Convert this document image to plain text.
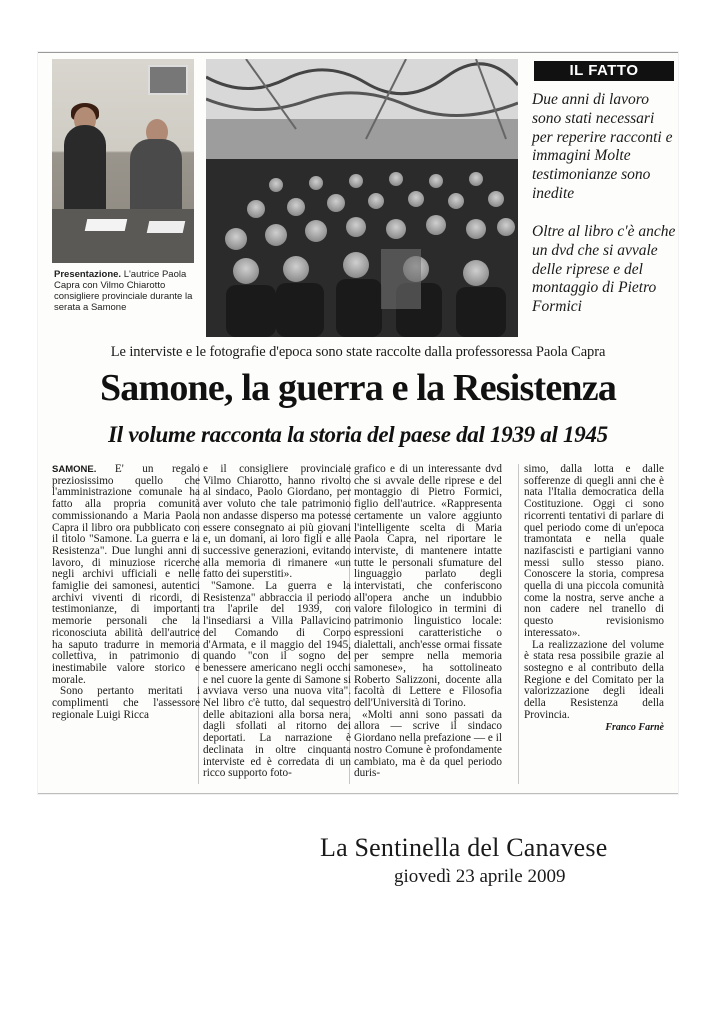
Presentazione. L'autrice Paola Capra con Vilmo Chiarotto consigliere provinciale durante la serata a Samone
IL FATTO
Due anni di lavoro sono stati necessari per reperire racconti e immagini Molte testimonianze sono inedite
Oltre al libro c'è anche un dvd che si avvale delle riprese e del montaggio di Pietro Formici
Le interviste e le fotografie d'epoca sono state raccolte dalla professoressa Paola Capra
Samone, la guerra e la Resistenza
Il volume racconta la storia del paese dal 1939 al 1945

SAMONE. E' un regalo preziosissimo quello che l'amministrazione comunale ha fatto alla propria comunità commissionando a Maria Paola Capra il libro ora pubblicato con il titolo "Samone. La guerra e la Resistenza". Due lunghi anni di lavoro, di minuziose ricerche negli archivi ufficiali e nelle famiglie dei samonesi, autentici archivi viventi di ricordi, di testimonianze, di importanti memorie personali che la riconosciuta abilità dell'autrice ha saputo tradurre in memoria collettiva, in patrimonio di inestimabile valore storico e morale.

Sono pertanto meritati i complimenti che l'assessore regionale Luigi Ricca

e il consigliere provinciale Vilmo Chiarotto, hanno rivolto al sindaco, Paolo Giordano, per aver voluto che tale patrimonio non andasse disperso ma potesse essere consegnato ai più giovani e, un domani, ai loro figli e alle successive generazioni, evitando alla memoria di rimanere «un fatto dei superstiti».

"Samone. La guerra e la Resistenza" abbraccia il periodo tra l'aprile del 1939, con l'insediarsi a Villa Pallavicino del Comando di Corpo d'Armata, e il maggio del 1945, quando "con il sogno del benessere americano negli occhi e nel cuore la gente di Samone si avviava verso una nuova vita". Nel libro c'è tutto, dal sequestro delle abitazioni alla borsa nera, dagli sfollati al ritorno dei deportati. La narrazione è declinata in oltre cinquanta interviste ed è corredata di un ricco supporto foto-

grafico e di un interessante dvd che si avvale delle riprese e del montaggio di Pietro Formici, figlio dell'autrice. «Rappresenta certamente un valore aggiunto l'intelligente scelta di Maria Paola Capra, nel riportare le interviste, di mantenere intatte tutte le personali sfumature del linguaggio parlato degli intervistati, che conferiscono all'opera anche un indubbio valore filologico in termini di patrimonio linguistico locale: espressioni caratteristiche o dialettali, anch'esse ormai fissate per sempre nella memoria samonese», ha sottolineato Roberto Salizzoni, docente alla facoltà di Lettere e Filosofia dell'Università di Torino.

«Molti anni sono passati da allora — scrive il sindaco Giordano nella prefazione — e il nostro Comune è profondamente cambiato, ma è da quel periodo duris-

simo, dalla lotta e dalle sofferenze di quegli anni che è nata l'Italia democratica della Costituzione. Oggi ci sono ricorrenti tentativi di parlare di quel periodo come di un'epoca tramontata e nella quale nazifascisti e partigiani vanno messi sullo stesso piano. Conoscere la storia, compresa quella di una piccola comunità come la nostra, serve anche a non cadere nel tranello di questo revisionismo interessato».

La realizzazione del volume è stata resa possibile grazie al sostegno e al contributo della Regione e del Comitato per la valorizzazione degli ideali della Resistenza della Provincia.

Franco Farnè
La Sentinella del Canavese
giovedì 23 aprile 2009
